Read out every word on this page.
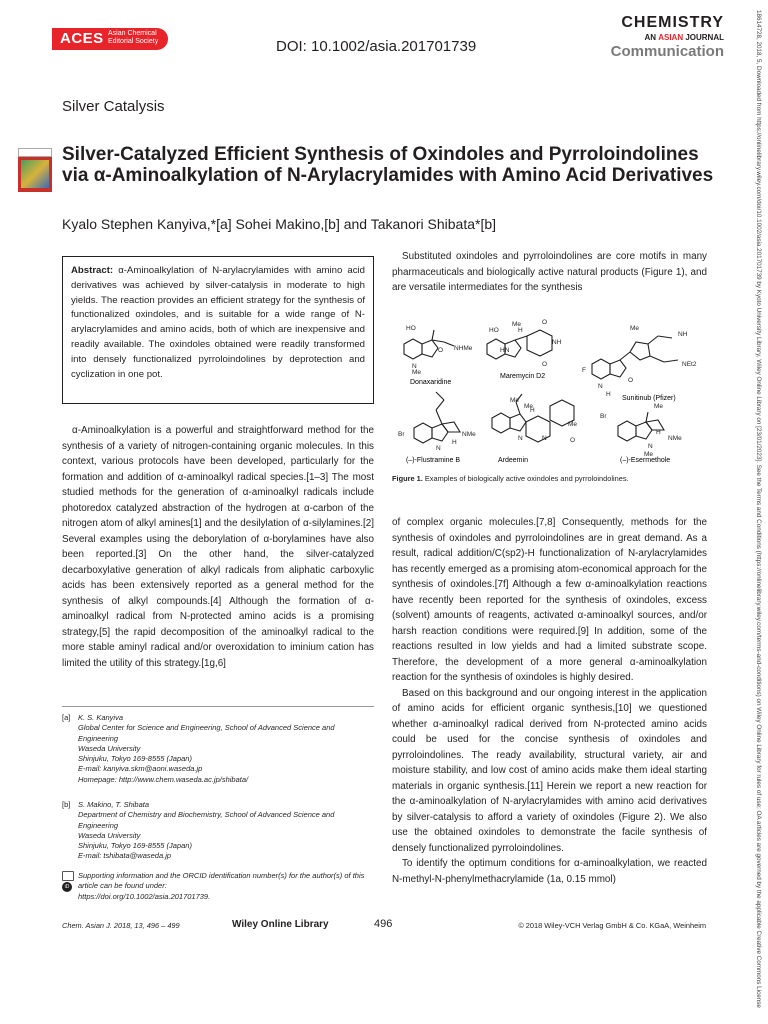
ACES Asian Chemical
Editorial Society	DOI: 10.1002/asia.201701739
CHEMISTRY
AN ASIAN JOURNAL
Communication	18614728, 2018, 5, Downloaded from https://onlinelibrary.wiley.com/doi/10.1002/asia.201701739 by Kyoto University Library, Wiley Online Library on [23/01/2023]. See the Terms and Conditions (https://onlinelibrary.wiley.com/terms-and-conditions) on Wiley Online Library for rules of use; OA articles are governed by the applicable Creative Commons License
Silver Catalysis
Silver-Catalyzed Efficient Synthesis of Oxindoles and Pyrroloindolines via α-Aminoalkylation of N-Arylacrylamides with Amino Acid Derivatives
Kyalo Stephen Kanyiva,*[a] Sohei Makino,[b] and Takanori Shibata*[b]
Abstract: α-Aminoalkylation of N-arylacrylamides with amino acid derivatives was achieved by silver-catalysis in moderate to high yields. The reaction provides an efficient strategy for the synthesis of functionalized oxindoles, and is suitable for a wide range of N-arylacrylamides and amino acids, both of which are inexpensive and readily available. The oxindoles obtained were readily transformed into densely functionalized pyrroloindolines by deprotection and cyclization in one pot.

α-Aminoalkylation is a powerful and straightforward method for the synthesis of a variety of nitrogen-containing organic molecules. In this context, various protocols have been developed, particularly for the formation and addition of α-aminoalkyl radical species.[1–3] The most studied methods for the generation of α-aminoalkyl radicals include photoredox catalyzed abstraction of the hydrogen at α-carbon of the nitrogen atom of alkyl amines[1] and the desilylation of α-silylamines.[2] Several examples using the deborylation of α-borylamines have also been reported.[3] On the other hand, the silver-catalyzed decarboxylative generation of alkyl radicals from aliphatic carboxylic acids has been extensively reported as a general method for the synthesis of alkyl compounds.[4] Although the formation of α-aminoalkyl radical from N-protected amino acids is a promising strategy,[5] the rapid decomposition of the aminoalkyl radical to the more stable aminyl radical and/or overoxidation to iminium cation has limited the utility of this strategy.[1g,6]

Substituted oxindoles and pyrroloindolines are core motifs in many pharmaceuticals and biologically active natural products (Figure 1), and are versatile intermediates for the synthesis

Donaxaridine
Maremycin D2
Sunitinub (Pfizer)
(–)-Flustramine B	Ardeemin	(–)-Esermethole
HO
NHMe
N
O
Me
HO
Me
H
HN
NH
O
O
Me
F
NH
NEt2
N
H
O
Br	NMe
N
H
Me
Me
H
N	N	O
Me
Br
Me
NMe
N
Me
H
Figure 1. Examples of biologically active oxindoles and pyrroloindolines.

of complex organic molecules.[7,8] Consequently, methods for the synthesis of oxindoles and pyrroloindolines are in great demand. As a result, radical addition/C(sp2)-H functionalization of N-arylacrylamides has recently emerged as a promising atom-economical approach for the synthesis of oxindoles.[7f] Although a few α-aminoalkylation reactions have recently been reported for the synthesis of oxindoles, excess (solvent) amounts of reagents, activated α-aminoalkyl sources, and/or harsh reaction conditions were required.[9] In addition, some of the reactions resulted in low yields and had a limited substrate scope. Therefore, the development of a more general α-aminoalkylation reaction for the synthesis of oxindoles is highly desired.

Based on this background and our ongoing interest in the application of amino acids for efficient organic synthesis,[10] we questioned whether α-aminoalkyl radical derived from N-protected amino acids could be used for the concise synthesis of oxindoles and pyrroloindolines. The ready availability, structural variety, air and moisture stability, and low cost of amino acids make them ideal starting materials in organic synthesis.[11] Herein we report a new reaction for the α-aminoalkylation of N-arylacrylamides with amino acid derivatives by silver-catalysis to afford a variety of oxindoles (Figure 2). We also use the obtained oxindoles to demonstrate the facile synthesis of densely functionalized pyrroloindolines.

To identify the optimum conditions for α-aminoalkylation, we reacted N-methyl-N-phenylmethacrylamide (1a, 0.15 mmol)

[a] K. S. Kanyiva
Global Center for Science and Engineering, School of Advanced Science and Engineering
Waseda University
Shinjuku, Tokyo 169-8555 (Japan)
E-mail: kanyiva.skm@aoni.waseda.jp
Homepage: http://www.chem.waseda.ac.jp/shibata/
[b] S. Makino, T. Shibata
Department of Chemistry and Biochemistry, School of Advanced Science and Engineering
Waseda University
Shinjuku, Tokyo 169-8555 (Japan)
E-mail: tshibata@waseda.jp
iD
Supporting information and the ORCID identification number(s) for the author(s) of this article can be found under:
https://doi.org/10.1002/asia.201701739.
Chem. Asian J. 2018, 13, 496 – 499	Wiley Online Library	496	© 2018 Wiley-VCH Verlag GmbH & Co. KGaA, Weinheim
